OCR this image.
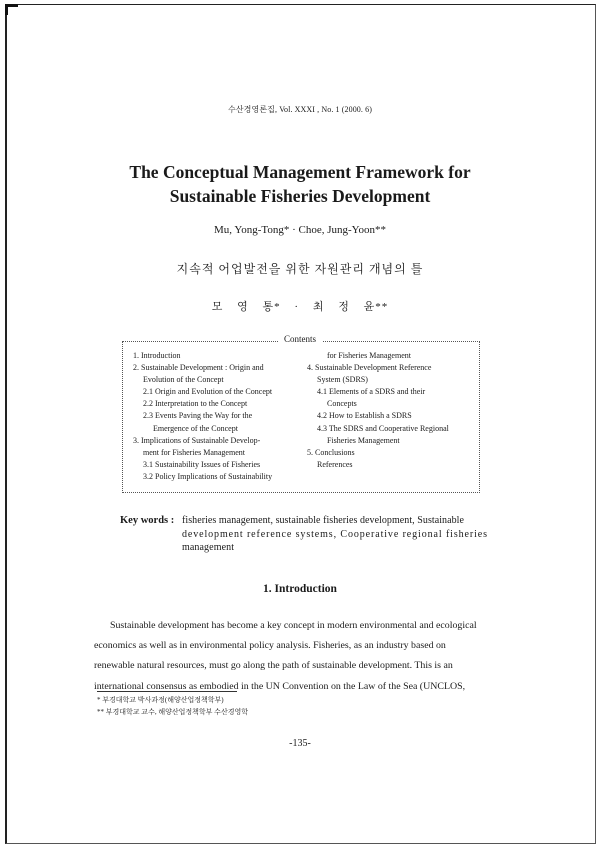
수산경영론집, Vol. XXXI , No. 1 (2000. 6)
The Conceptual Management Framework for
Sustainable Fisheries Development
Mu, Yong-Tong* · Choe, Jung-Yoon**
지속적 어업발전을 위한 자원관리 개념의 틀
모 영 통* · 최 정 윤**
Contents
1. Introduction
2. Sustainable Development : Origin and
Evolution of the Concept
2.1 Origin and Evolution of the Concept
2.2 Interpretation to the Concept
2.3 Events Paving the Way for the
Emergence of the Concept
3. Implications of Sustainable Develop-
ment for Fisheries Management
3.1 Sustainability Issues of Fisheries
3.2 Policy Implications of Sustainability
for Fisheries Management
4. Sustainable Development Reference
System (SDRS)
4.1 Elements of a SDRS and their
Concepts
4.2 How to Establish a SDRS
4.3 The SDRS and Cooperative Regional
Fisheries Management
5. Conclusions
References
Key words : fisheries management, sustainable fisheries development, Sustainable
development reference systems, Cooperative regional fisheries
management
1. Introduction
Sustainable development has become a key concept in modern environmental and ecological
economics as well as in environmental policy analysis. Fisheries, as an industry based on
renewable natural resources, must go along the path of sustainable development. This is an
international consensus as embodied in the UN Convention on the Law of the Sea (UNCLOS,
* 부경대학교 박사과정(해양산업정책학부)
** 부경대학교 교수, 해양산업정책학부 수산경영학
-135-
